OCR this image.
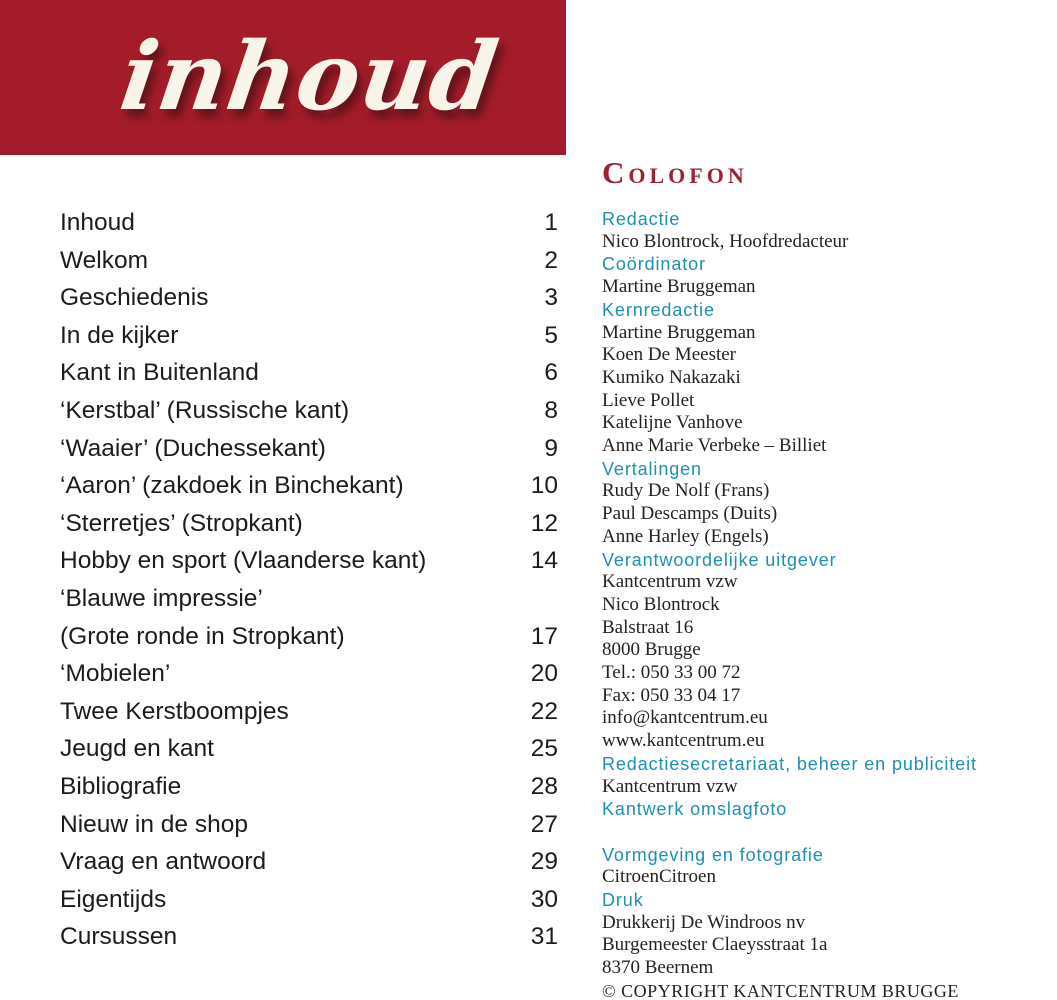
inhoud
Inhoud	1
Welkom	2
Geschiedenis	3
In de kijker	5
Kant in Buitenland	6
‘Kerstbal’ (Russische kant)	8
‘Waaier’ (Duchessekant)	9
‘Aaron’ (zakdoek in Binchekant)	10
‘Sterretjes’ (Stropkant)	12
Hobby en sport (Vlaanderse kant)	14
‘Blauwe impressie’
(Grote ronde in Stropkant)	17
‘Mobielen’	20
Twee Kerstboompjes	22
Jeugd en kant	25
Bibliografie	28
Nieuw in de shop	27
Vraag en antwoord	29
Eigentijds	30
Cursussen	31
Colofon
Redactie
Nico Blontrock, Hoofdredacteur
Coördinator
Martine Bruggeman
Kernredactie
Martine Bruggeman
Koen De Meester
Kumiko Nakazaki
Lieve Pollet
Katelijne Vanhove
Anne Marie Verbeke – Billiet
Vertalingen
Rudy De Nolf (Frans)
Paul Descamps (Duits)
Anne Harley (Engels)
Verantwoordelijke uitgever
Kantcentrum vzw
Nico Blontrock
Balstraat 16
8000 Brugge
Tel.: 050 33 00 72
Fax: 050 33 04 17
info@kantcentrum.eu
www.kantcentrum.eu
Redactiesecretariaat, beheer en publiciteit
Kantcentrum vzw
Kantwerk omslagfoto
Vormgeving en fotografie
CitroenCitroen
Druk
Drukkerij De Windroos nv
Burgemeester Claeysstraat 1a
8370 Beernem
© COPYRIGHT KANTCENTRUM BRUGGE
